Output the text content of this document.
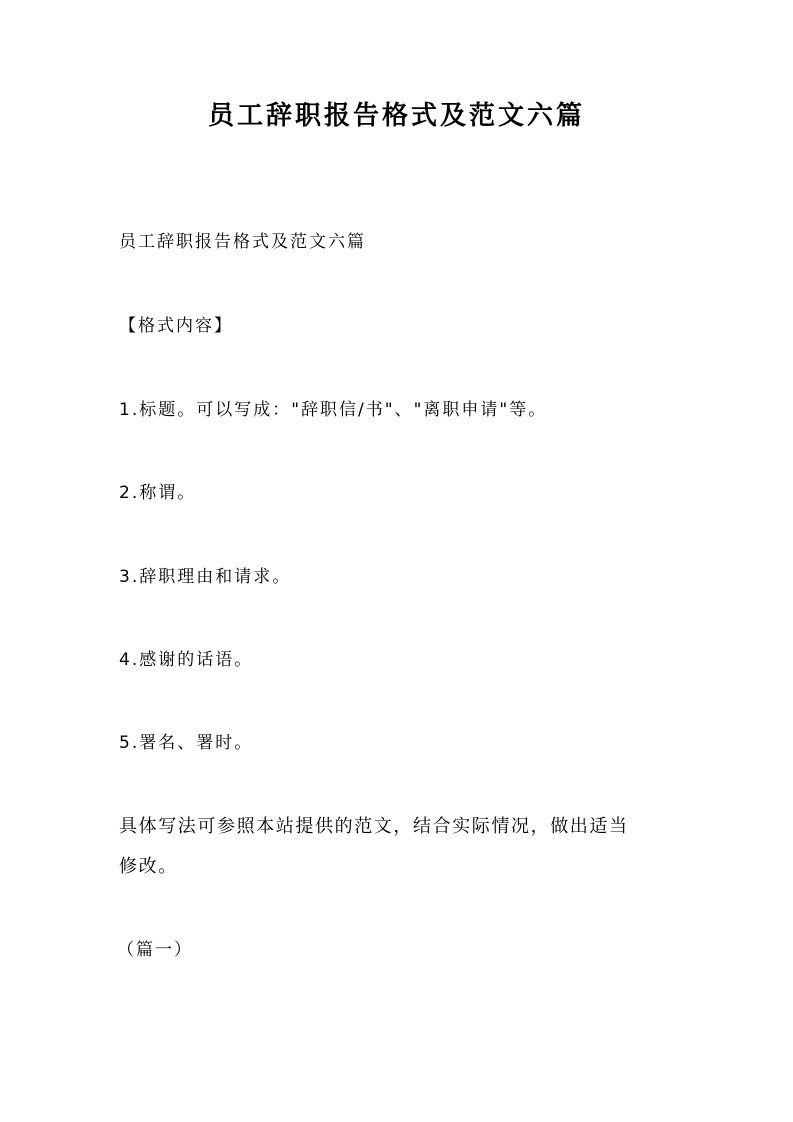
员工辞职报告格式及范文六篇

员工辞职报告格式及范文六篇

【格式内容】

1.标题。可以写成："辞职信/书"、"离职申请"等。

2.称谓。

3.辞职理由和请求。

4.感谢的话语。

5.署名、署时。

具体写法可参照本站提供的范文，结合实际情况，做出适当

修改。

（篇一）
